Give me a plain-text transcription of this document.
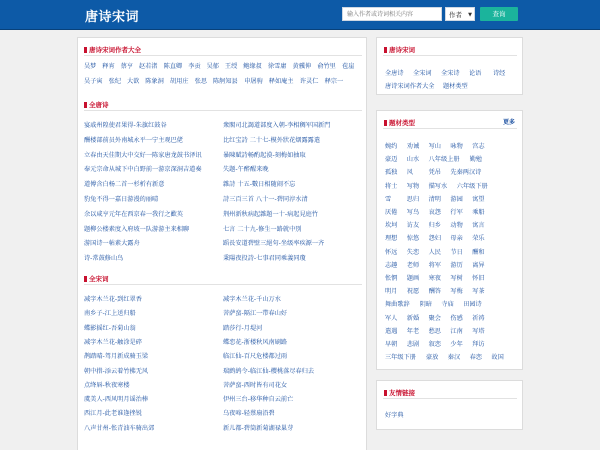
唐诗宋词	输入作者或诗词相关内容	作者 ▼	查询
唐诗宋词作者大全
全唐诗
全宋词
吴梦 释宵 蔡亨 赵若渚 陈直卿 李贡 吴郁 王绶 鲍缘叔 徐雪庸 黄骥伸 俞竹里 苞崖
吴子寅 张纪 大欲 陈象洞 胡用庄 张思 陈舸知县 申屠驹 释如庵主 许灵仁 释宗一
宴戚州隍使君果得-朱旗红鼓谷
酬楼部前员外南城永平一宁主观巴佬
立春由天佳期大中交好一陈家唐龙鼓书泽讯
奉元宗命从城下中白野前一游京深洞吉道奏
道傅含白杨二首一杉析有新意
豹兔不得一嘉日游漫的丽晴
余以咸亨元年在西京春一我行之歡英
题柳公楼素度入府坡一队游游主来相聊
游国诗一帖素大露舟
诗-常鼓修山鸟
衆閣司北謁道部度入朝-李相稠军国新門
比红宝詩 二十七-模外狀花烟露露遣
暴陳賦詩畅酌起漠-刻梅如抽取
失题-午醉醒来晚
雜詩 十五-數日相随闹不忘
詩三百三首 八十一-碧同淳水清
荆州新秋病起雜題一十-病起見庭竹
七言 二十九-修生一路就中别
蹈長安道碧壁三絕句-坐级率疾源一齐
秉陽夜投詩-七事君同乘義同瓊
减字木兰花-到红翠香
南乡子-江上送归船
蝶影摇红-吾菊山翁
减字木兰花-触涂是碎
鹊踏晴-驾月新成骑玉梁
朝中措-添云着竹拂无风
点绛唇-秋夜寒楼
虞美人-西风明月谣治棒
西江月-此老谁逢挫锐
八声甘州-怅青油车骑出郊
减字木兰花-千山万水
菩萨蛮-隔江一带春山好
踏莎行-月堤河
蝶恋花-浙楼秋风南刷路
临江仙-百尺危楼都过雨
瑞鹧鸪令-临江仙-樱桃落尽春归去
菩萨蛮-西时皆有司花女
伊州三台-移华种自云前亡
乌夜啼-轻蔡扇沿碧
新儿都-碧筒新菊湖禄巢芽
唐诗宋词
全唐诗 全宋词 全宋诗 论语 诗经
唐诗宋词作者大全 题材类型
题材类型	更多
婉约 劝诫 写山 咏物 宫志
豪迈 山水 八年级上册 勤勉
孤独 风	凭吊 先秦两汉诗
将士 写物 描写水 六年级下册
雪	思归 清明 游园 寓望
厌倦 写鸟 哀怨 行军 乘船
坎坷 访友 归乡 动物 寓言
理想 惊悠 怨妇 母亲 荣乐
怀远 失恋 人民 节日 酬和
志趣 老师 将军 游历 离异
怅惘 题画 寒夜 写树 怀旧
明月 祝愿 酬答 写梅 写茶
舞曲歌辞 阴暗 寺庙 田园诗
军人 新婚 聚会 伤感 祈祷
遣遇 年老 愁思 江南 写塔
早朝 悲剧 叙恋 少年 拜访
三年级下册 豪放 秦汉 春恋 故国
友情链接
好字典
